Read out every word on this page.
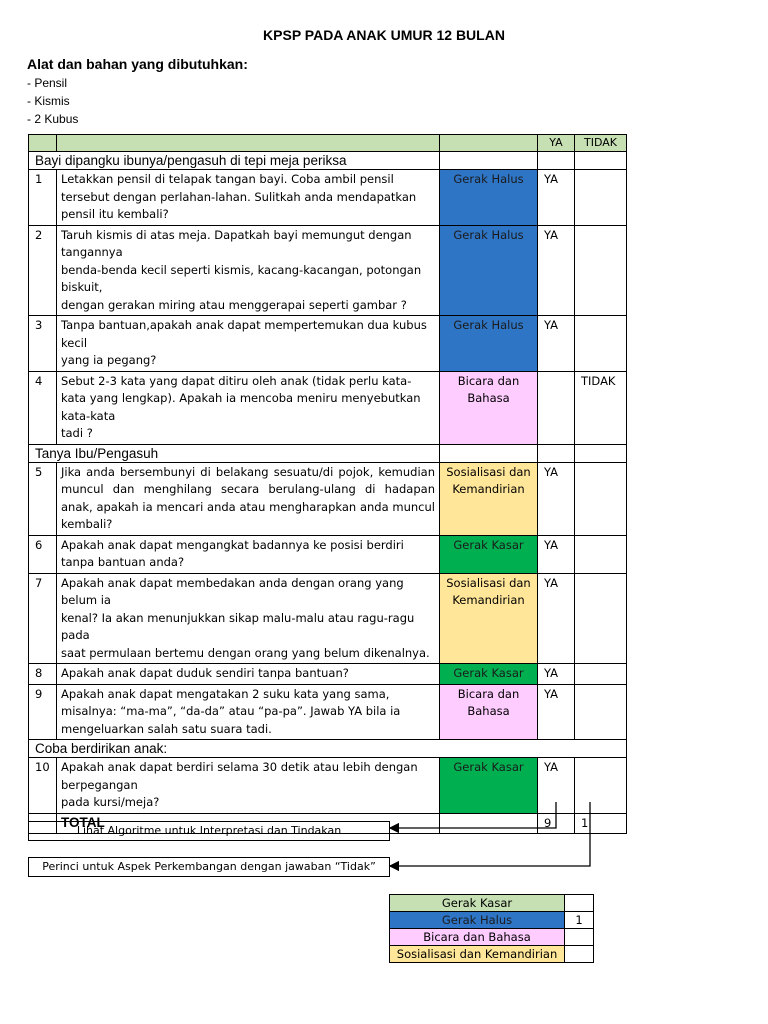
KPSP PADA ANAK UMUR 12 BULAN
Alat dan bahan yang dibutuhkan:
- Pensil
- Kismis
- 2 Kubus
			YA	TIDAK
Bayi dipangku ibunya/pengasuh di tepi meja periksa				
1	Letakkan pensil di telapak tangan bayi. Coba ambil pensil tersebut dengan perlahan-lahan. Sulitkah anda mendapatkan pensil itu kembali?	Gerak Halus	YA	
2	Taruh kismis di atas meja. Dapatkah bayi memungut dengan tangannya
benda-benda kecil seperti kismis, kacang-kacangan, potongan biskuit,
dengan gerakan miring atau menggerapai seperti gambar ?	Gerak Halus	YA	
3	Tanpa bantuan,apakah anak dapat mempertemukan dua kubus kecil
yang ia pegang?	Gerak Halus	YA	
4	Sebut 2-3 kata yang dapat ditiru oleh anak (tidak perlu kata-kata yang lengkap). Apakah ia mencoba meniru menyebutkan kata-kata
tadi ?	Bicara dan Bahasa		TIDAK
Tanya Ibu/Pengasuh				
5	Jika anda bersembunyi di belakang sesuatu/di pojok, kemudian muncul dan menghilang secara berulang-ulang di hadapan anak, apakah ia mencari anda atau mengharapkan anda muncul kembali?	Sosialisasi dan Kemandirian	YA	
6	Apakah anak dapat mengangkat badannya ke posisi berdiri tanpa bantuan anda?	Gerak Kasar	YA	
7	Apakah anak dapat membedakan anda dengan orang yang belum ia
kenal? Ia akan menunjukkan sikap malu-malu atau ragu-ragu pada
saat permulaan bertemu dengan orang yang belum dikenalnya.	Sosialisasi dan Kemandirian	YA	
8	Apakah anak dapat duduk sendiri tanpa bantuan?	Gerak Kasar	YA	
9	Apakah anak dapat mengatakan 2 suku kata yang sama, misalnya: “ma-ma”, “da-da” atau “pa-pa”. Jawab YA bila ia mengeluarkan salah satu suara tadi.	Bicara dan Bahasa	YA	
Coba berdirikan anak:				
10	Apakah anak dapat berdiri selama 30 detik atau lebih dengan berpegangan
pada kursi/meja?	Gerak Kasar	YA	
	TOTAL		9	1
Lihat Algoritme untuk Interpretasi dan Tindakan
Perinci untuk Aspek Perkembangan dengan jawaban “Tidak”
Gerak Kasar	
Gerak Halus	1
Bicara dan Bahasa	
Sosialisasi dan Kemandirian	
